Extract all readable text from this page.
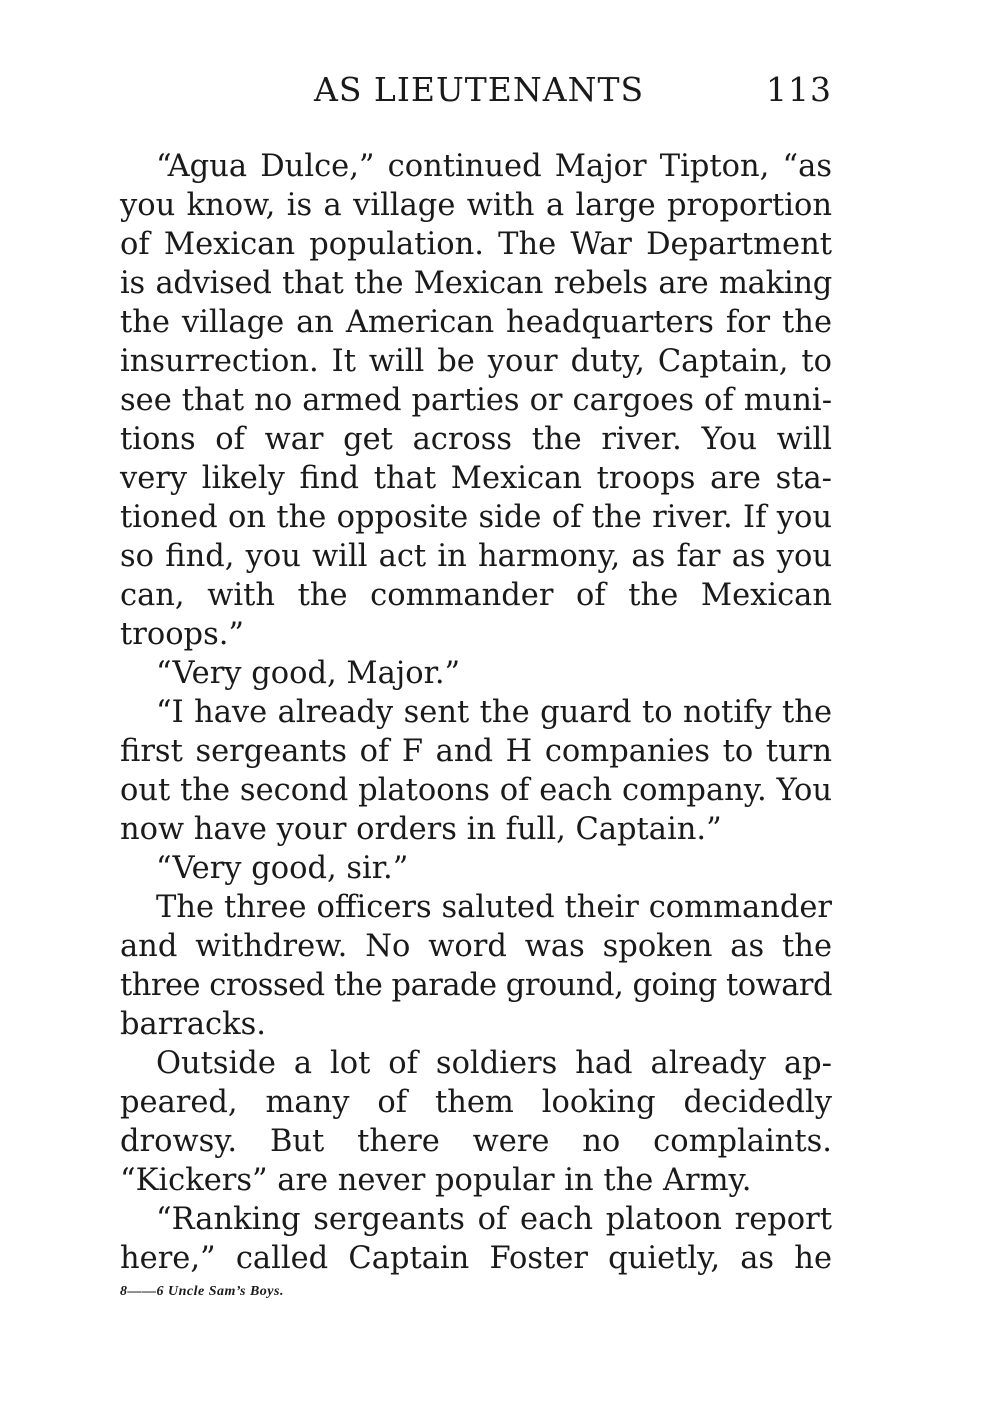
AS LIEUTENANTS	113
“Agua Dulce,” continued Major Tipton, “as
you know, is a village with a large proportion
of Mexican population. The War Department
is advised that the Mexican rebels are making
the village an American headquarters for the
insurrection. It will be your duty, Captain, to
see that no armed parties or cargoes of muni-
tions of war get across the river. You will
very likely find that Mexican troops are sta-
tioned on the opposite side of the river. If you
so find, you will act in harmony, as far as you
can, with the commander of the Mexican
troops.”
“Very good, Major.”
“I have already sent the guard to notify the
first sergeants of F and H companies to turn
out the second platoons of each company. You
now have your orders in full, Captain.”
“Very good, sir.”
The three officers saluted their commander
and withdrew. No word was spoken as the
three crossed the parade ground, going toward
barracks.
Outside a lot of soldiers had already ap-
peared, many of them looking decidedly
drowsy. But there were no complaints.
“Kickers” are never popular in the Army.
“Ranking sergeants of each platoon report
here,” called Captain Foster quietly, as he
8——6 Uncle Sam’s Boys.
